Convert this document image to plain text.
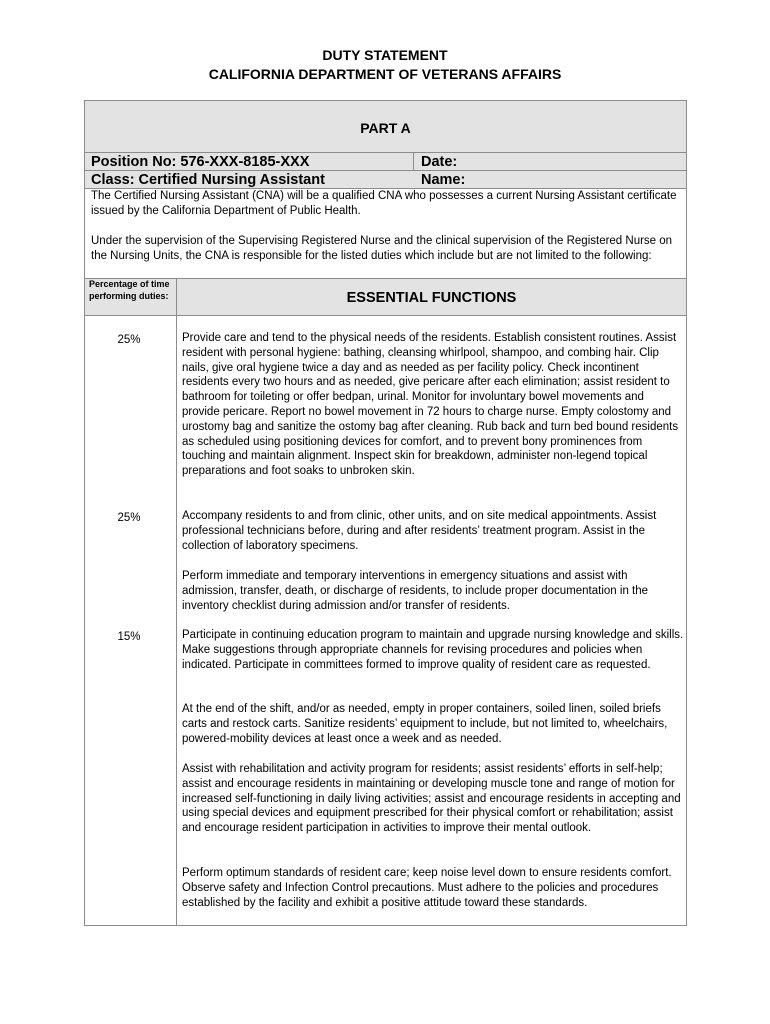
DUTY STATEMENT
CALIFORNIA DEPARTMENT OF VETERANS AFFAIRS
PART A
Position No: 576-XXX-8185-XXX	Date:
Class: Certified Nursing Assistant	Name:

The Certified Nursing Assistant (CNA) will be a qualified CNA who possesses a current Nursing Assistant certificate issued by the California Department of Public Health.

Under the supervision of the Supervising Registered Nurse and the clinical supervision of the Registered Nurse on the Nursing Units, the CNA is responsible for the listed duties which include but are not limited to the following:

Percentage of time performing duties:	ESSENTIAL FUNCTIONS
25%	Provide care and tend to the physical needs of the residents. Establish consistent routines. Assist resident with personal hygiene: bathing, cleansing whirlpool, shampoo, and combing hair. Clip nails, give oral hygiene twice a day and as needed as per facility policy. Check incontinent residents every two hours and as needed, give pericare after each elimination; assist resident to bathroom for toileting or offer bedpan, urinal. Monitor for involuntary bowel movements and provide pericare. Report no bowel movement in 72 hours to charge nurse. Empty colostomy and urostomy bag and sanitize the ostomy bag after cleaning. Rub back and turn bed bound residents as scheduled using positioning devices for comfort, and to prevent bony prominences from touching and maintain alignment. Inspect skin for breakdown, administer non-legend topical preparations and foot soaks to unbroken skin.

25%	Accompany residents to and from clinic, other units, and on site medical appointments. Assist professional technicians before, during and after residents’ treatment program. Assist in the collection of laboratory specimens.

Perform immediate and temporary interventions in emergency situations and assist with admission, transfer, death, or discharge of residents, to include proper documentation in the inventory checklist during admission and/or transfer of residents.

15%	Participate in continuing education program to maintain and upgrade nursing knowledge and skills. Make suggestions through appropriate channels for revising procedures and policies when indicated. Participate in committees formed to improve quality of resident care as requested.

At the end of the shift, and/or as needed, empty in proper containers, soiled linen, soiled briefs carts and restock carts. Sanitize residents’ equipment to include, but not limited to, wheelchairs, powered-mobility devices at least once a week and as needed.

Assist with rehabilitation and activity program for residents; assist residents’ efforts in self-help; assist and encourage residents in maintaining or developing muscle tone and range of motion for increased self-functioning in daily living activities; assist and encourage residents in accepting and using special devices and equipment prescribed for their physical comfort or rehabilitation; assist and encourage resident participation in activities to improve their mental outlook.

Perform optimum standards of resident care; keep noise level down to ensure residents comfort. Observe safety and Infection Control precautions. Must adhere to the policies and procedures established by the facility and exhibit a positive attitude toward these standards.
